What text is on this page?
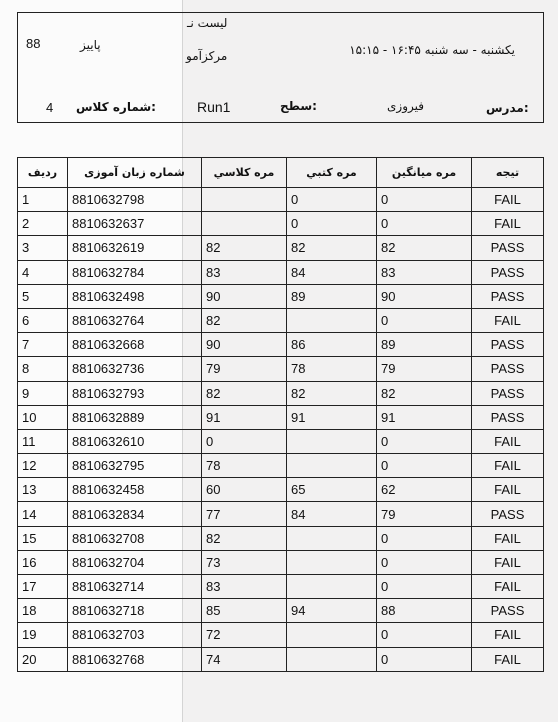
لیست نـ
مرکزآمو
88	پاییز	یکشنبه - سه شنبه ۱۶:۴۵ - ۱۵:۱۵
4 شماره کلاس:	Run1	سطح:	فیروزی	مدرس:
ردیف	شماره زبان آموزی	مره کلاسي	مره کتبي	مره میانگین	تیجه
1	8810632798		0	0	FAIL
2	8810632637		0	0	FAIL
3	8810632619	82	82	82	PASS
4	8810632784	83	84	83	PASS
5	8810632498	90	89	90	PASS
6	8810632764	82		0	FAIL
7	8810632668	90	86	89	PASS
8	8810632736	79	78	79	PASS
9	8810632793	82	82	82	PASS
10	8810632889	91	91	91	PASS
11	8810632610	0		0	FAIL
12	8810632795	78		0	FAIL
13	8810632458	60	65	62	FAIL
14	8810632834	77	84	79	PASS
15	8810632708	82		0	FAIL
16	8810632704	73		0	FAIL
17	8810632714	83		0	FAIL
18	8810632718	85	94	88	PASS
19	8810632703	72		0	FAIL
20	8810632768	74		0	FAIL
